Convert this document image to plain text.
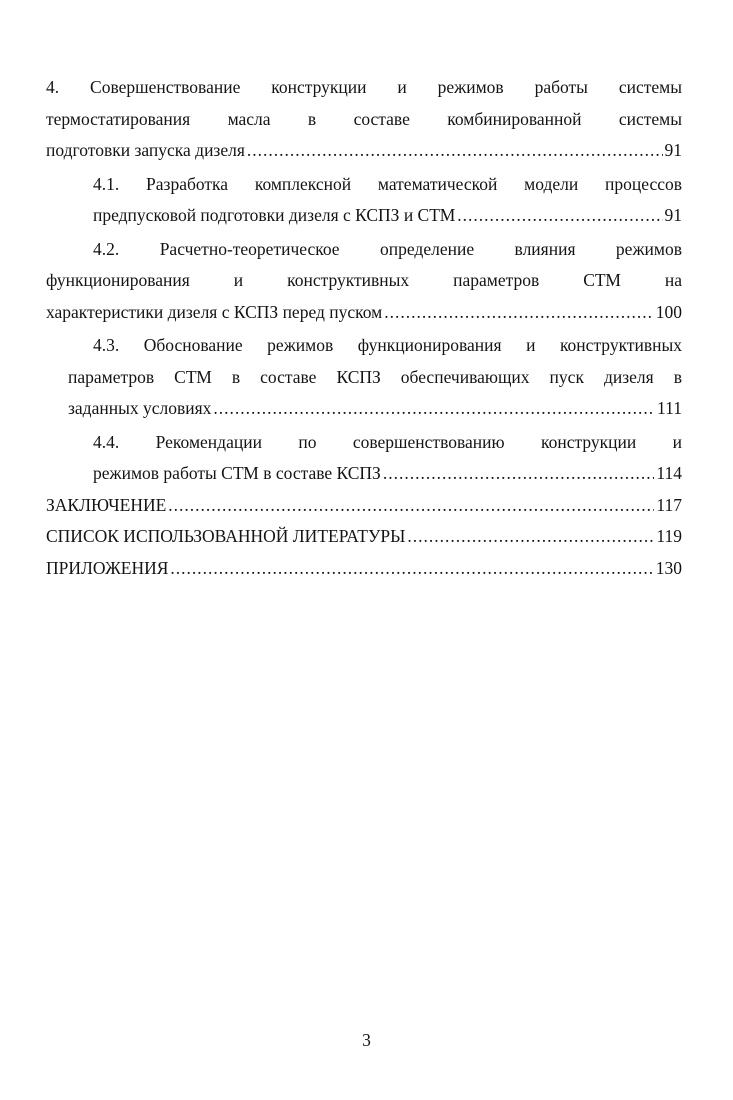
4. Совершенствование конструкции и режимов работы системы
термостатирования масла в составе комбинированной системы
подготовки запуска дизеля .....	91
4.1. Разработка комплексной математической модели процессов
предпусковой подготовки дизеля с КСПЗ и СТМ .....	91
4.2. Расчетно-теоретическое определение влияния режимов
функционирования и конструктивных параметров СТМ на
характеристики дизеля с КСПЗ перед пуском .....	100
4.3. Обоснование режимов функционирования и конструктивных
параметров СТМ в составе КСПЗ обеспечивающих пуск дизеля в
заданных условиях .....	111
4.4. Рекомендации по совершенствованию конструкции и
режимов работы СТМ в составе КСПЗ .....	114
ЗАКЛЮЧЕНИЕ .....	117
СПИСОК ИСПОЛЬЗОВАННОЙ ЛИТЕРАТУРЫ .....	119
ПРИЛОЖЕНИЯ .....	130
3
